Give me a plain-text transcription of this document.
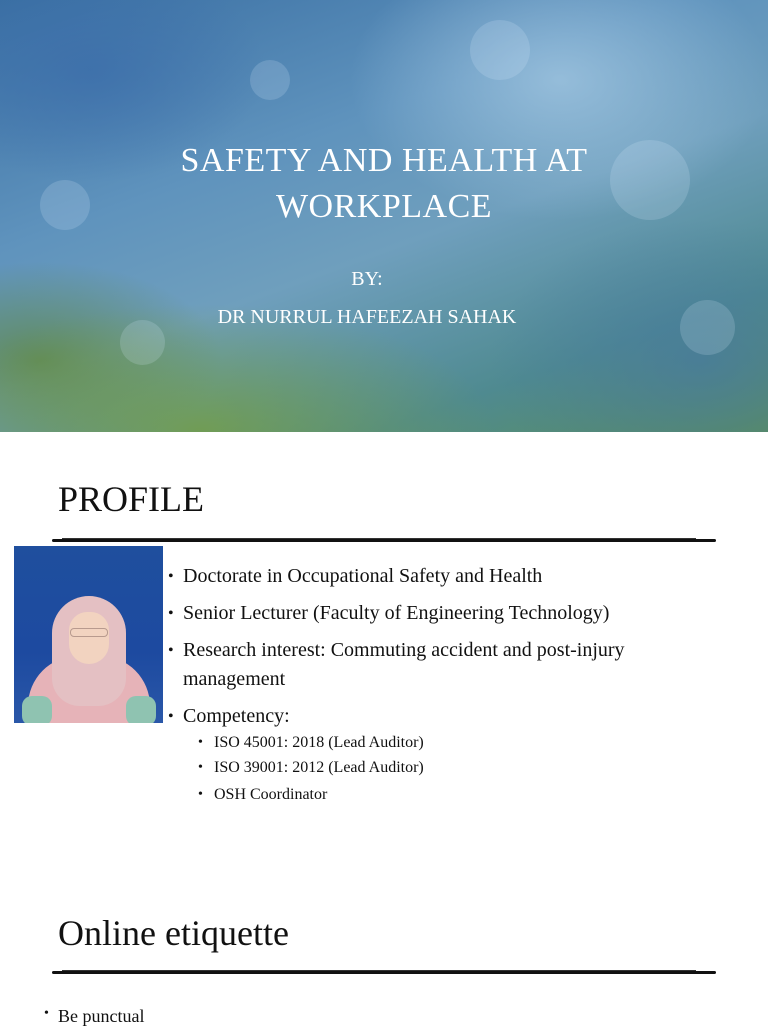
SAFETY AND HEALTH AT
WORKPLACE
BY:
DR NURRUL HAFEEZAH SAHAK
PROFILE
• Doctorate in Occupational Safety and Health
• Senior Lecturer (Faculty of Engineering Technology)
• Research interest: Commuting accident and post-injury management
• Competency:
• ISO 45001: 2018 (Lead Auditor)
• ISO 39001: 2012 (Lead Auditor)
• OSH Coordinator
Online etiquette
• Be punctual
